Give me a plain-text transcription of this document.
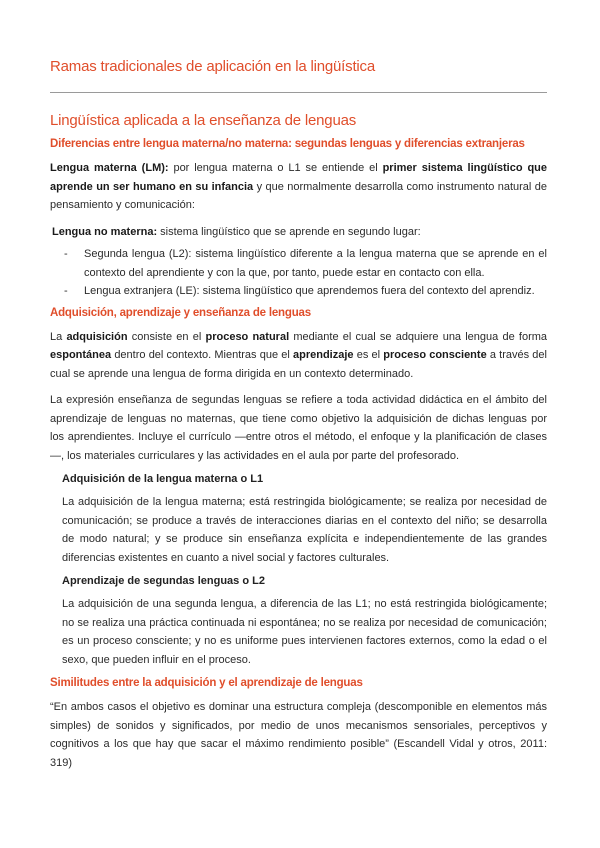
Ramas tradicionales de aplicación en la lingüística
Lingüística aplicada a la enseñanza de lenguas
Diferencias entre lengua materna/no materna: segundas lenguas y diferencias extranjeras

Lengua materna (LM): por lengua materna o L1 se entiende el primer sistema lingüístico que aprende un ser humano en su infancia y que normalmente desarrolla como instrumento natural de pensamiento y comunicación:

Lengua no materna: sistema lingüístico que se aprende en segundo lugar:

- Segunda lengua (L2): sistema lingüístico diferente a la lengua materna que se aprende en el contexto del aprendiente y con la que, por tanto, puede estar en contacto con ella.
- Lengua extranjera (LE): sistema lingüístico que aprendemos fuera del contexto del aprendiz.
Adquisición, aprendizaje y enseñanza de lenguas

La adquisición consiste en el proceso natural mediante el cual se adquiere una lengua de forma espontánea dentro del contexto. Mientras que el aprendizaje es el proceso consciente a través del cual se aprende una lengua de forma dirigida en un contexto determinado.

La expresión enseñanza de segundas lenguas se refiere a toda actividad didáctica en el ámbito del aprendizaje de lenguas no maternas, que tiene como objetivo la adquisición de dichas lenguas por los aprendientes. Incluye el currículo —entre otros el método, el enfoque y la planificación de clases—, los materiales curriculares y las actividades en el aula por parte del profesorado.

Adquisición de la lengua materna o L1

La adquisición de la lengua materna; está restringida biológicamente; se realiza por necesidad de comunicación; se produce a través de interacciones diarias en el contexto del niño; se desarrolla de modo natural; y se produce sin enseñanza explícita e independientemente de las grandes diferencias existentes en cuanto a nivel social y factores culturales.

Aprendizaje de segundas lenguas o L2

La adquisición de una segunda lengua, a diferencia de las L1; no está restringida biológicamente; no se realiza una práctica continuada ni espontánea; no se realiza por necesidad de comunicación; es un proceso consciente; y no es uniforme pues intervienen factores externos, como la edad o el sexo, que pueden influir en el proceso.

Similitudes entre la adquisición y el aprendizaje de lenguas

“En ambos casos el objetivo es dominar una estructura compleja (descomponible en elementos más simples) de sonidos y significados, por medio de unos mecanismos sensoriales, perceptivos y cognitivos a los que hay que sacar el máximo rendimiento posible” (Escandell Vidal y otros, 2011: 319)
